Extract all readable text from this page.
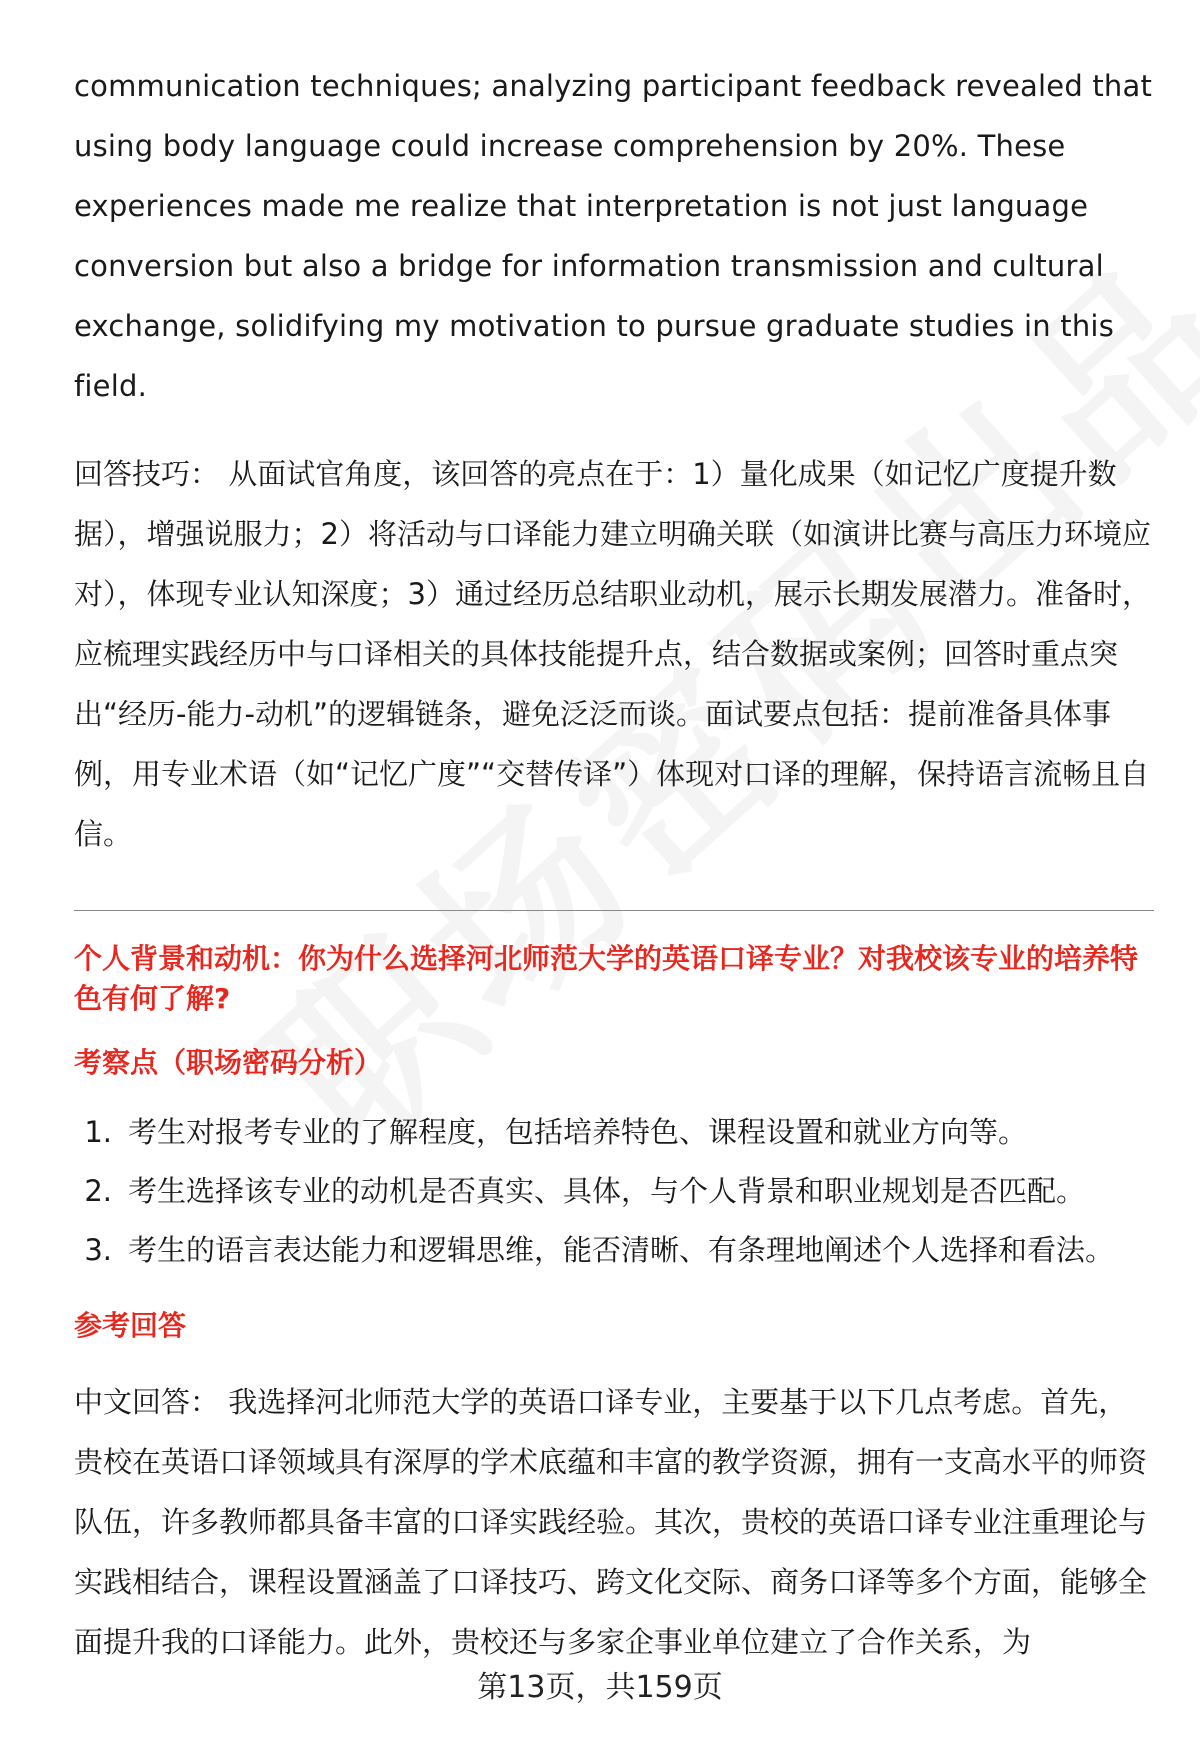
communication techniques; analyzing participant feedback revealed that using body language could increase comprehension by 20%. These experiences made me realize that interpretation is not just language conversion but also a bridge for information transmission and cultural exchange, solidifying my motivation to pursue graduate studies in this field.

回答技巧： 从面试官角度，该回答的亮点在于：1）量化成果（如记忆广度提升数据），增强说服力；2）将活动与口译能力建立明确关联（如演讲比赛与高压力环境应对），体现专业认知深度；3）通过经历总结职业动机，展示长期发展潜力。准备时，应梳理实践经历中与口译相关的具体技能提升点，结合数据或案例；回答时重点突出“经历-能力-动机”的逻辑链条，避免泛泛而谈。面试要点包括：提前准备具体事例，用专业术语（如“记忆广度”“交替传译”）体现对口译的理解，保持语言流畅且自信。

个人背景和动机：你为什么选择河北师范大学的英语口译专业？对我校该专业的培养特色有何了解?
考察点（职场密码分析）
1. 考生对报考专业的了解程度，包括培养特色、课程设置和就业方向等。
2. 考生选择该专业的动机是否真实、具体，与个人背景和职业规划是否匹配。
3. 考生的语言表达能力和逻辑思维，能否清晰、有条理地阐述个人选择和看法。
参考回答

中文回答： 我选择河北师范大学的英语口译专业，主要基于以下几点考虑。首先，贵校在英语口译领域具有深厚的学术底蕴和丰富的教学资源，拥有一支高水平的师资队伍，许多教师都具备丰富的口译实践经验。其次，贵校的英语口译专业注重理论与实践相结合，课程设置涵盖了口译技巧、跨文化交际、商务口译等多个方面，能够全面提升我的口译能力。此外，贵校还与多家企事业单位建立了合作关系，为

第13页，共159页
